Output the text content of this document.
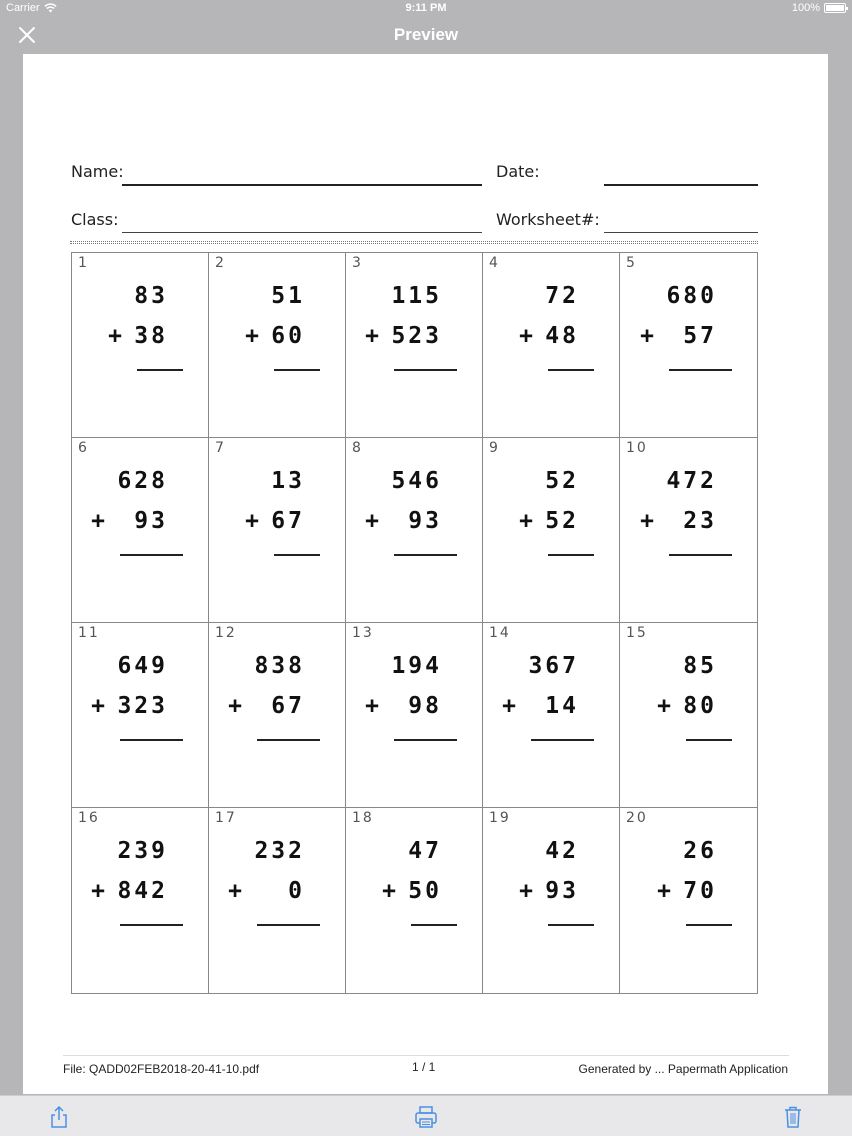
Carrier	9:11 PM	100%
Preview
Name:	Date:
Class:	Worksheet#:
1
83
+ 38
2
51
+ 60
3
115
+ 523
4
72
+ 48
5
680
+ 57
6
628
+ 93
7
13
+ 67
8
546
+ 93
9
52
+ 52
10
472
+ 23
11
649
+ 323
12
838
+ 67
13
194
+ 98
14
367
+ 14
15
85
+ 80
16
239
+ 842
17
232
+ 0
18
47
+ 50
19
42
+ 93
20
26
+ 70
File: QADD02FEB2018-20-41-10.pdf	1 / 1	Generated by ... Papermath Application
